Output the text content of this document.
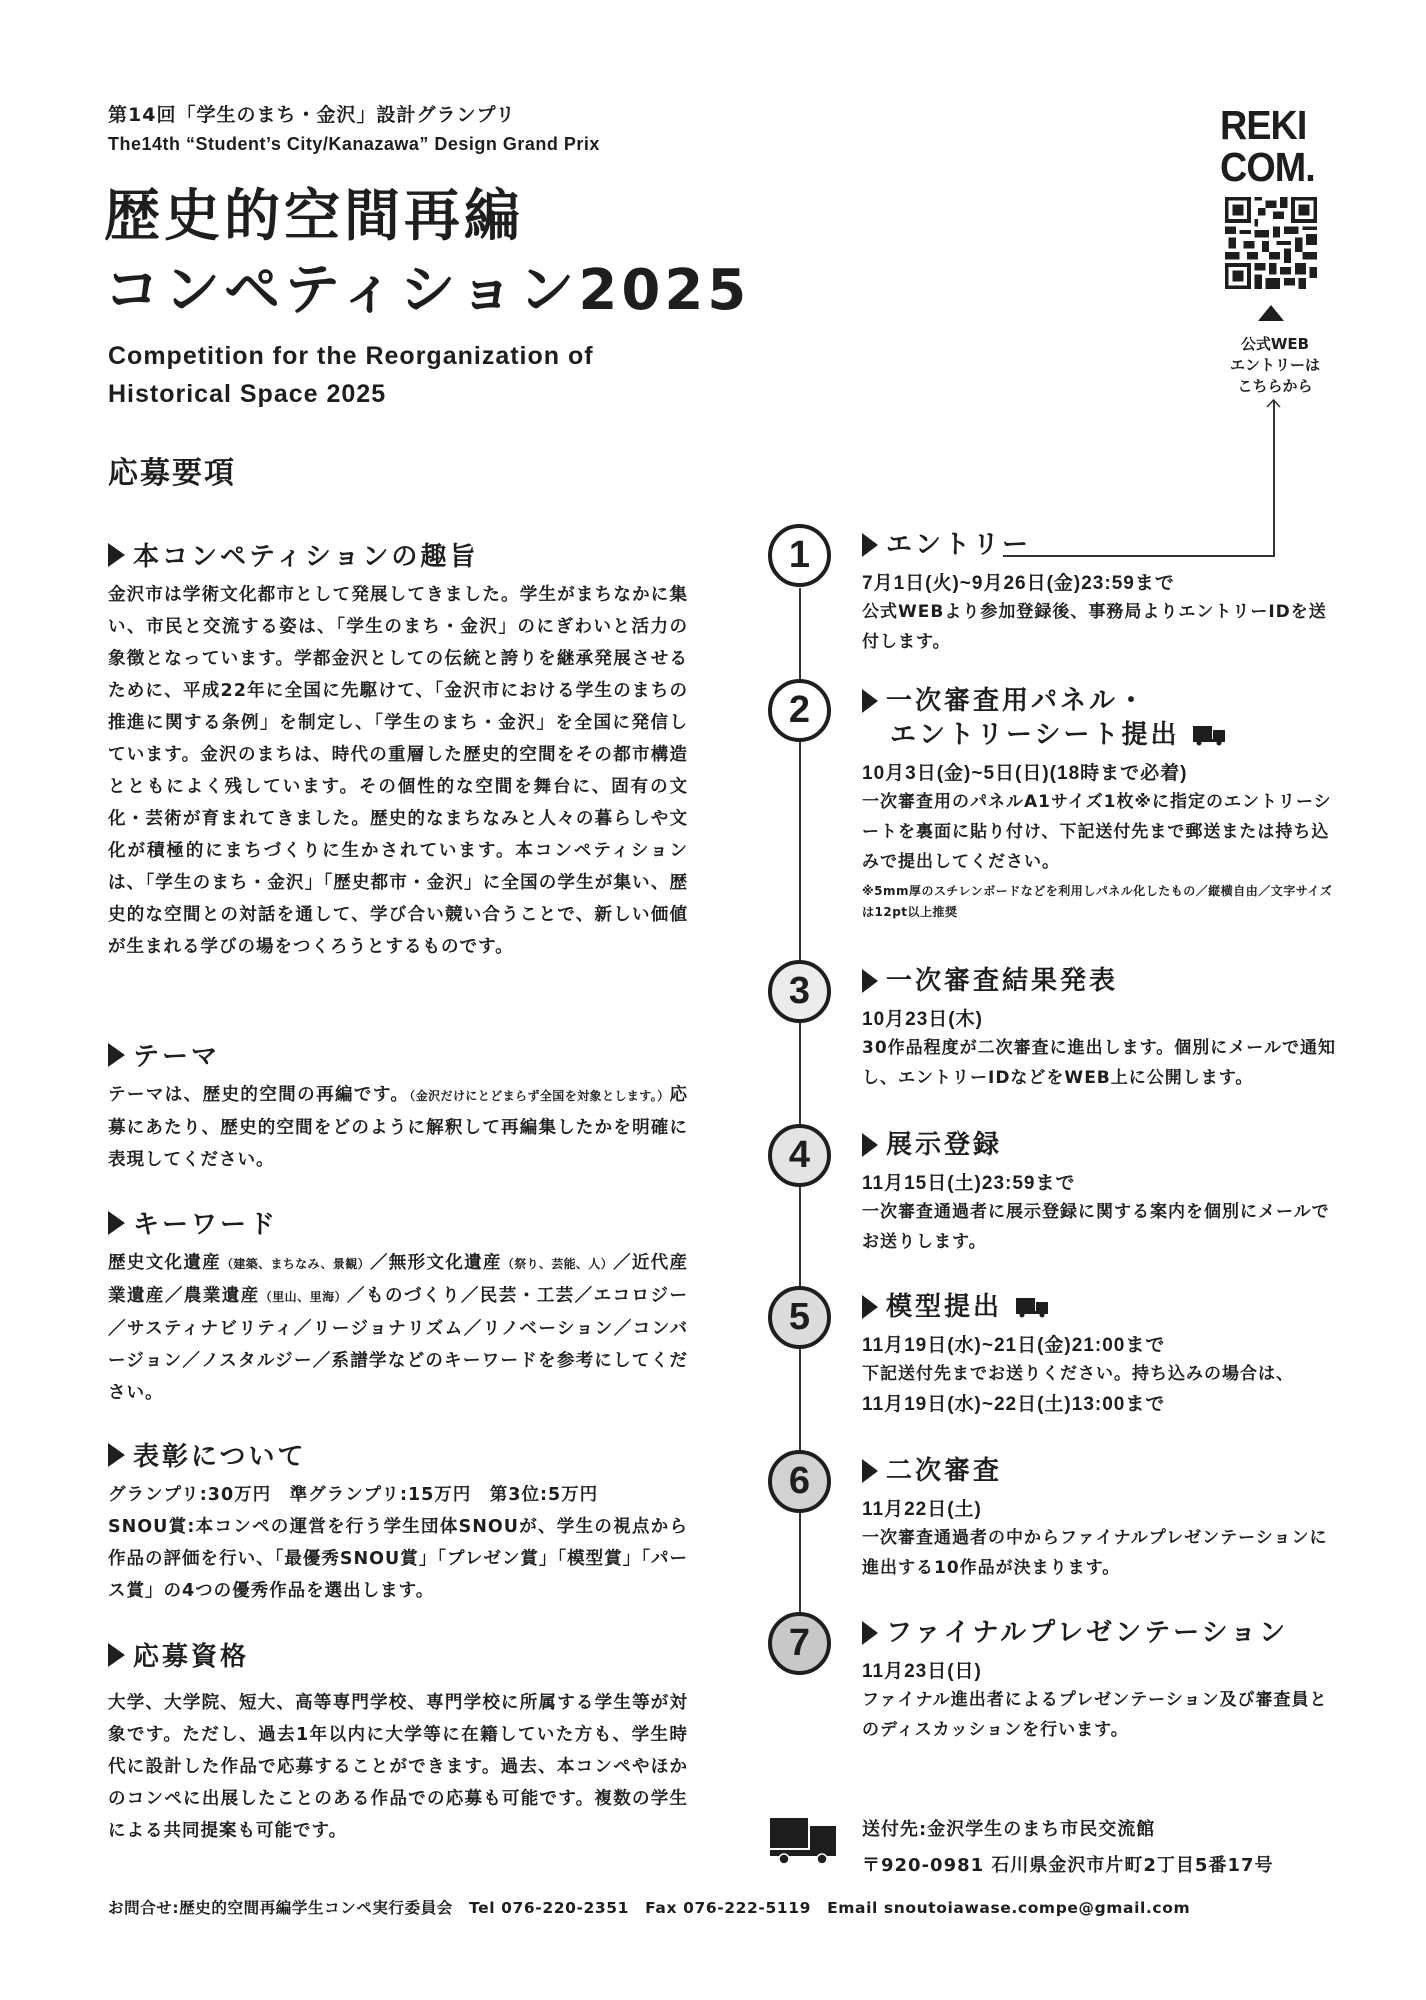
第14回「学生のまち・金沢」設計グランプリ
The14th “Student’s City/Kanazawa” Design Grand Prix
歴史的空間再編
コンペティション2025
Competition for the Reorganization of
Historical Space 2025
応募要項
REKI
COM.
公式WEB
エントリーは
こちらから
本コンペティションの趣旨
金沢市は学術文化都市として発展してきました。学生がまちなかに集い、市民と交流する姿は、「学生のまち・金沢」のにぎわいと活力の象徴となっています。学都金沢としての伝統と誇りを継承発展させるために、平成22年に全国に先駆けて、「金沢市における学生のまちの推進に関する条例」を制定し、「学生のまち・金沢」を全国に発信しています。金沢のまちは、時代の重層した歴史的空間をその都市構造とともによく残しています。その個性的な空間を舞台に、固有の文化・芸術が育まれてきました。歴史的なまちなみと人々の暮らしや文化が積極的にまちづくりに生かされています。本コンペティションは、「学生のまち・金沢」「歴史都市・金沢」に全国の学生が集い、歴史的な空間との対話を通して、学び合い競い合うことで、新しい価値が生まれる学びの場をつくろうとするものです。
テーマ
テーマは、歴史的空間の再編です。（金沢だけにとどまらず全国を対象とします。）応募にあたり、歴史的空間をどのように解釈して再編集したかを明確に表現してください。
キーワード
歴史文化遺産（建築、まちなみ、景観）／無形文化遺産（祭り、芸能、人）／近代産業遺産／農業遺産（里山、里海）／ものづくり／民芸・工芸／エコロジー／サスティナビリティ／リージョナリズム／リノベーション／コンバージョン／ノスタルジー／系譜学などのキーワードを参考にしてください。
表彰について
グランプリ:30万円　準グランプリ:15万円　第3位:5万円
SNOU賞:本コンペの運営を行う学生団体SNOUが、学生の視点から作品の評価を行い、「最優秀SNOU賞」「プレゼン賞」「模型賞」「パース賞」の4つの優秀作品を選出します。
応募資格
大学、大学院、短大、高等専門学校、専門学校に所属する学生等が対象です。ただし、過去1年以内に大学等に在籍していた方も、学生時代に設計した作品で応募することができます。過去、本コンペやほかのコンペに出展したことのある作品での応募も可能です。複数の学生による共同提案も可能です。
1	エントリー
7月1日(火)~9月26日(金)23:59まで
公式WEBより参加登録後、事務局よりエントリーIDを送付します。
2	一次審査用パネル・
エントリーシート提出
10月3日(金)~5日(日)(18時まで必着)
一次審査用のパネルA1サイズ1枚※に指定のエントリーシートを裏面に貼り付け、下記送付先まで郵送または持ち込みで提出してください。
※5mm厚のスチレンボードなどを利用しパネル化したもの／縦横自由／文字サイズは12pt以上推奨
3	一次審査結果発表
10月23日(木)
30作品程度が二次審査に進出します。個別にメールで通知し、エントリーIDなどをWEB上に公開します。
4	展示登録
11月15日(土)23:59まで
一次審査通過者に展示登録に関する案内を個別にメールでお送りします。
5	模型提出
11月19日(水)~21日(金)21:00まで
下記送付先までお送りください。持ち込みの場合は、
11月19日(水)~22日(土)13:00まで
6	二次審査
11月22日(土)
一次審査通過者の中からファイナルプレゼンテーションに進出する10作品が決まります。
7	ファイナルプレゼンテーション
11月23日(日)
ファイナル進出者によるプレゼンテーション及び審査員とのディスカッションを行います。
送付先:金沢学生のまち市民交流館
〒920-0981 石川県金沢市片町2丁目5番17号
お問合せ:歴史的空間再編学生コンペ実行委員会　Tel 076-220-2351　Fax 076-222-5119　Email snoutoiawase.compe@gmail.com
